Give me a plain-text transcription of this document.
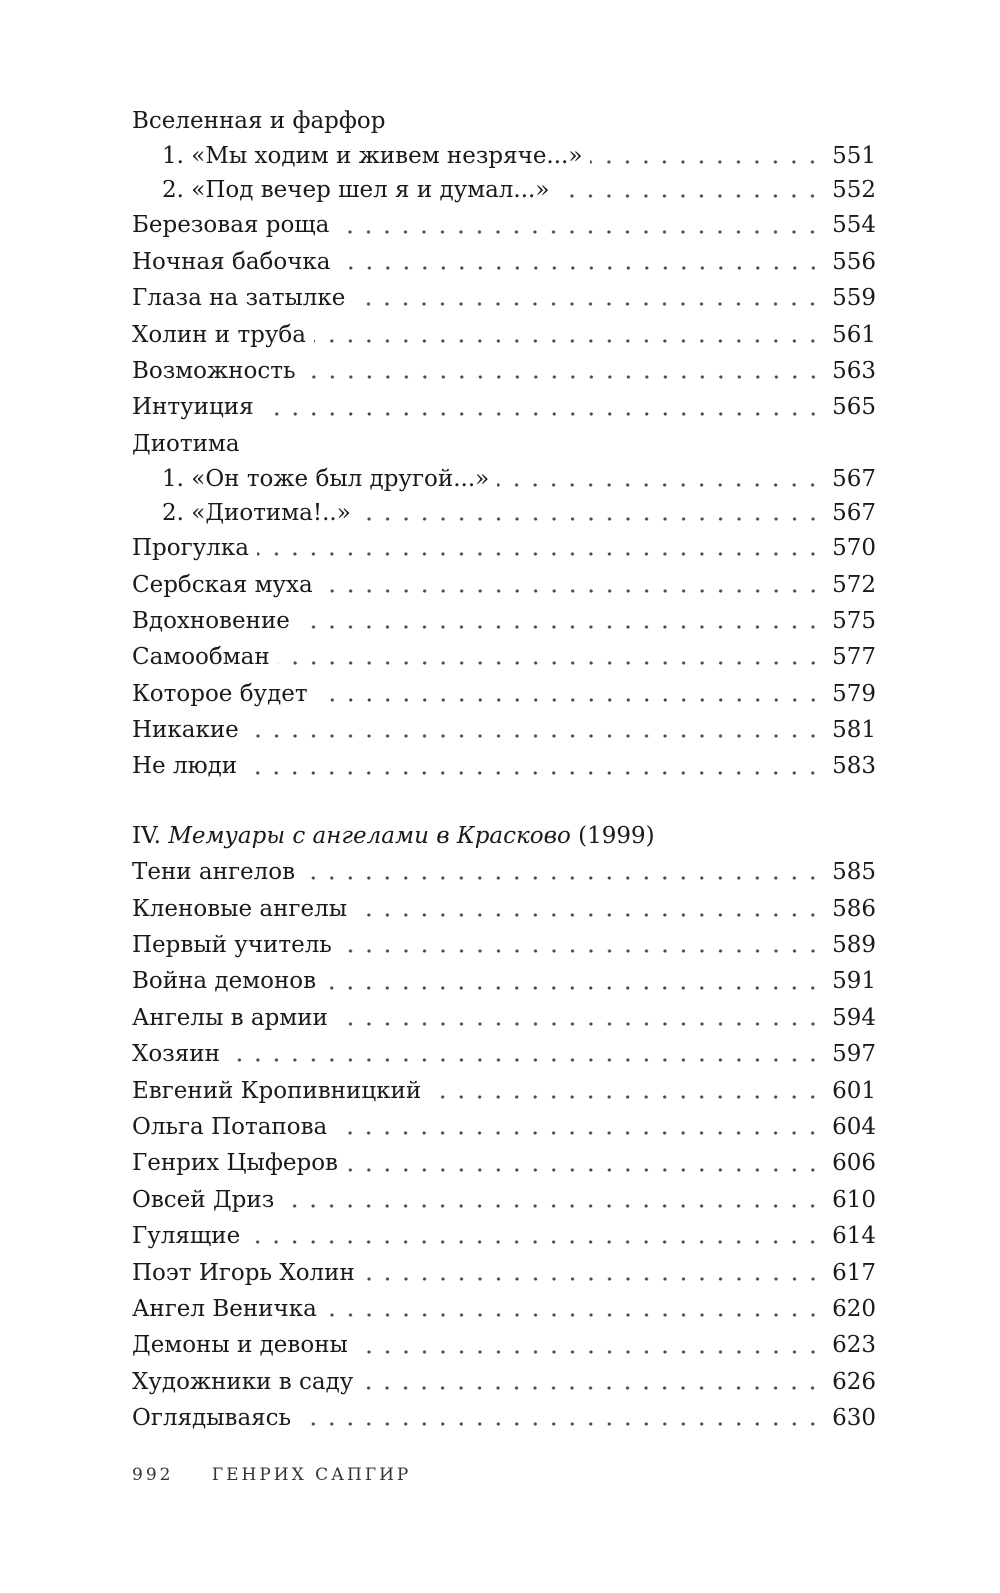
Вселенная и фарфор
1. «Мы ходим и живем незряче...»	551
2. «Под вечер шел я и думал...»	552
Березовая роща	554
Ночная бабочка	556
Глаза на затылке	559
Холин и труба	561
Возможность	563
Интуиция	565
Диотима
1. «Он тоже был другой...»	567
2. «Диотима!..»	567
Прогулка	570
Сербская муха	572
Вдохновение	575
Самообман	577
Которое будет	579
Никакие	581
Не люди	583
IV. Мемуары с ангелами в Красково (1999)
Тени ангелов	585
Кленовые ангелы	586
Первый учитель	589
Война демонов	591
Ангелы в армии	594
Хозяин	597
Евгений Кропивницкий	601
Ольга Потапова	604
Генрих Цыферов	606
Овсей Дриз	610
Гулящие	614
Поэт Игорь Холин	617
Ангел Веничка	620
Демоны и девоны	623
Художники в саду	626
Оглядываясь	630
992 ГЕНРИХ САПГИР
